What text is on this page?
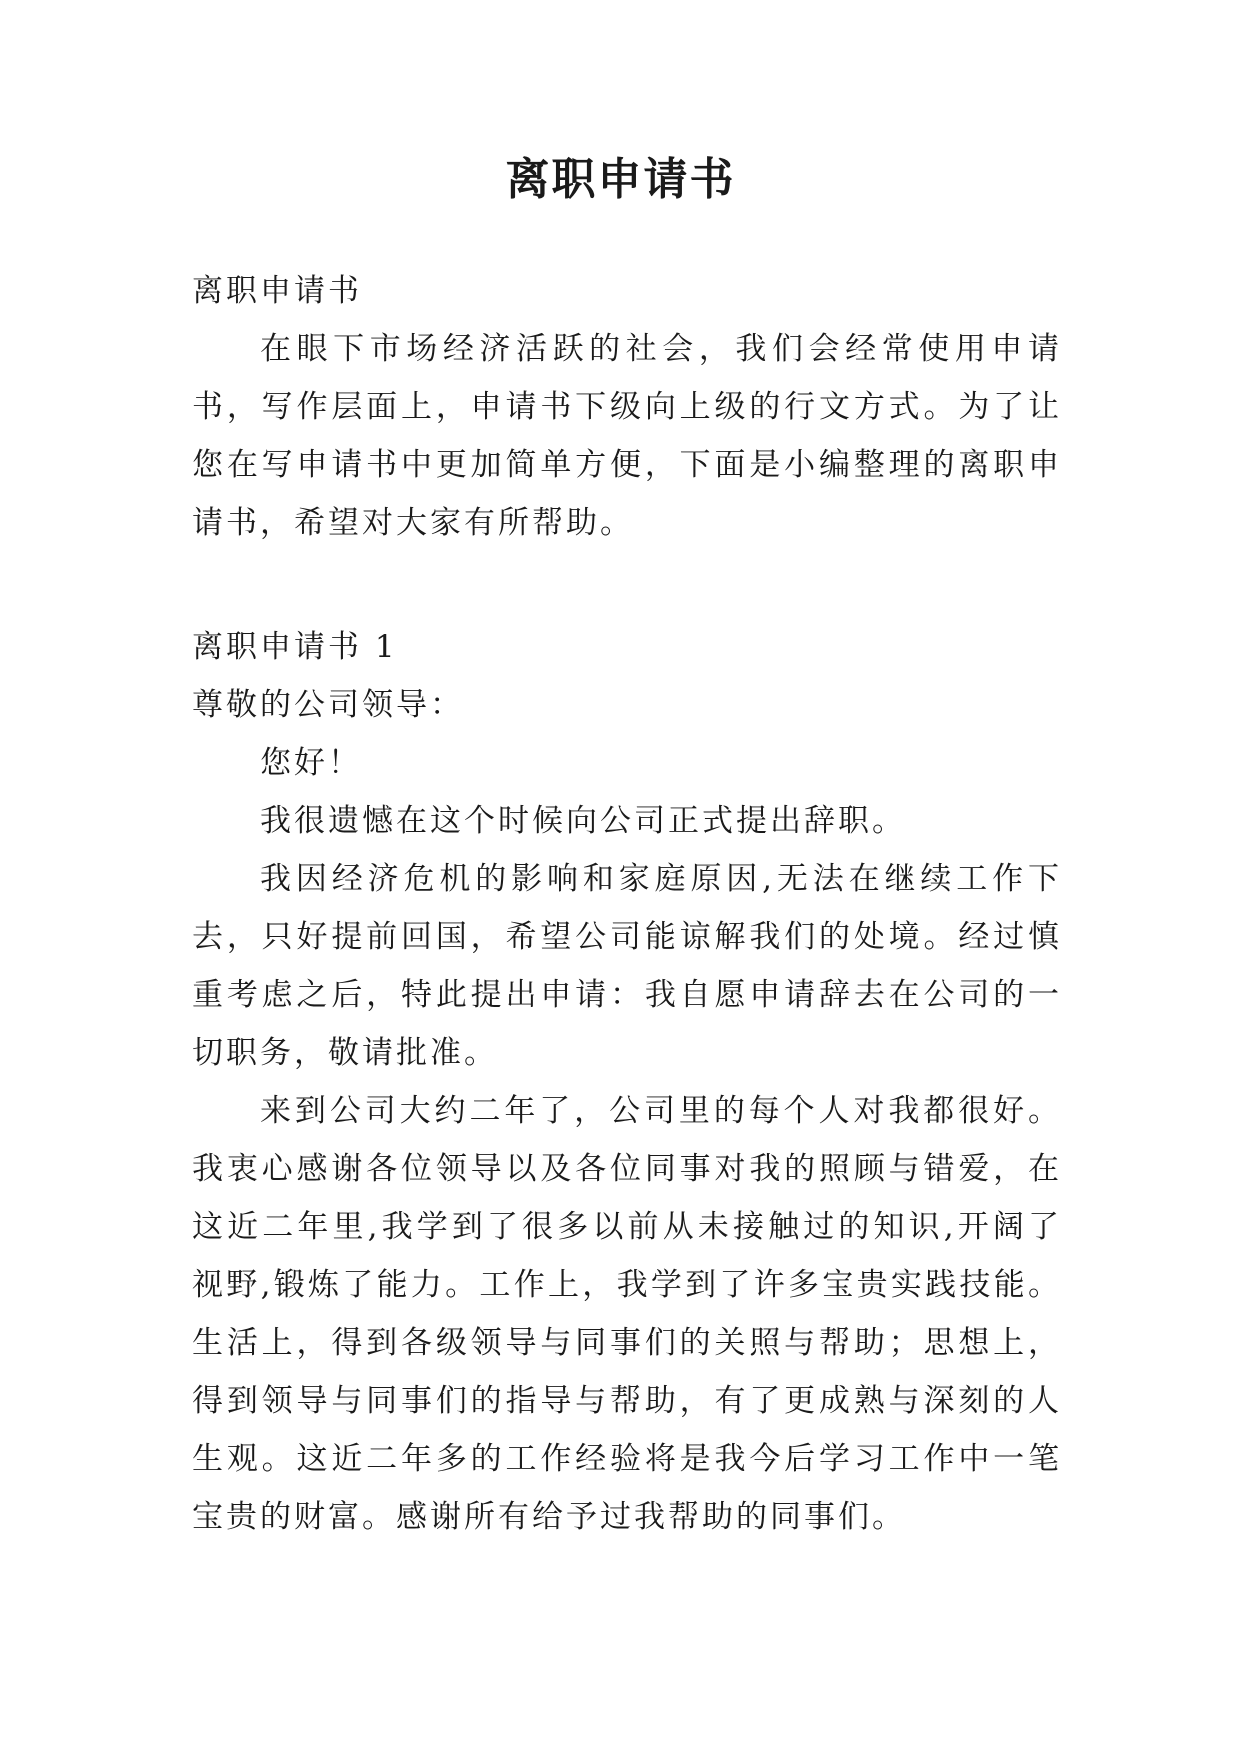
离职申请书

离职申请书

在眼下市场经济活跃的社会，我们会经常使用申请书，写作层面上，申请书下级向上级的行文方式。为了让您在写申请书中更加简单方便，下面是小编整理的离职申请书，希望对大家有所帮助。

离职申请书 1

尊敬的公司领导：

您好！

我很遗憾在这个时候向公司正式提出辞职。

我因经济危机的影响和家庭原因,无法在继续工作下去，只好提前回国，希望公司能谅解我们的处境。经过慎重考虑之后，特此提出申请：我自愿申请辞去在公司的一切职务，敬请批准。

来到公司大约二年了，公司里的每个人对我都很好。我衷心感谢各位领导以及各位同事对我的照顾与错爱，在这近二年里,我学到了很多以前从未接触过的知识,开阔了视野,锻炼了能力。工作上，我学到了许多宝贵实践技能。生活上，得到各级领导与同事们的关照与帮助；思想上，得到领导与同事们的指导与帮助，有了更成熟与深刻的人生观。这近二年多的工作经验将是我今后学习工作中一笔宝贵的财富。感谢所有给予过我帮助的同事们。
